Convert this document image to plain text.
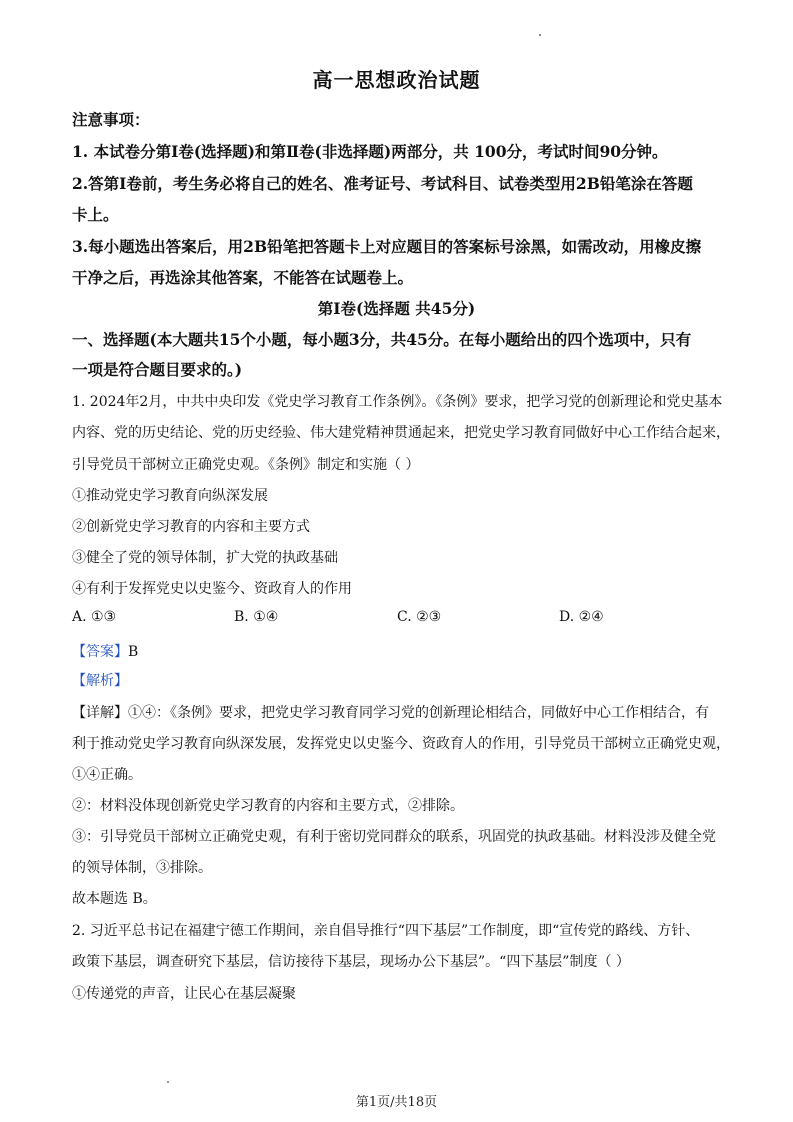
高一思想政治试题
注意事项：
1. 本试卷分第Ⅰ卷(选择题)和第Ⅱ卷(非选择题)两部分，共 100分，考试时间90分钟。
2.答第Ⅰ卷前，考生务必将自己的姓名、准考证号、考试科目、试卷类型用2B铅笔涂在答题
卡上。
3.每小题选出答案后，用2B铅笔把答题卡上对应题目的答案标号涂黑，如需改动，用橡皮擦
干净之后，再选涂其他答案，不能答在试题卷上。
第Ⅰ卷(选择题 共45分)
一、选择题(本大题共15个小题，每小题3分，共45分。在每小题给出的四个选项中，只有
一项是符合题目要求的。)
1. 2024年2月，中共中央印发《党史学习教育工作条例》。《条例》要求，把学习党的创新理论和党史基本
内容、党的历史结论、党的历史经验、伟大建党精神贯通起来，把党史学习教育同做好中心工作结合起来，
引导党员干部树立正确党史观。《条例》制定和实施（ ）
①推动党史学习教育向纵深发展
②创新党史学习教育的内容和主要方式
③健全了党的领导体制，扩大党的执政基础
④有利于发挥党史以史鉴今、资政育人的作用
A. ①③	B. ①④	C. ②③	D. ②④
【答案】B
【解析】
【详解】①④：《条例》要求，把党史学习教育同学习党的创新理论相结合，同做好中心工作相结合，有
利于推动党史学习教育向纵深发展，发挥党史以史鉴今、资政育人的作用，引导党员干部树立正确党史观，
①④正确。
②：材料没体现创新党史学习教育的内容和主要方式，②排除。
③：引导党员干部树立正确党史观，有利于密切党同群众的联系，巩固党的执政基础。材料没涉及健全党
的领导体制，③排除。
故本题选 B。
2. 习近平总书记在福建宁德工作期间，亲自倡导推行“四下基层”工作制度，即“宣传党的路线、方针、
政策下基层，调查研究下基层，信访接待下基层，现场办公下基层”。“四下基层”制度（ ）
①传递党的声音，让民心在基层凝聚
第1页/共18页
